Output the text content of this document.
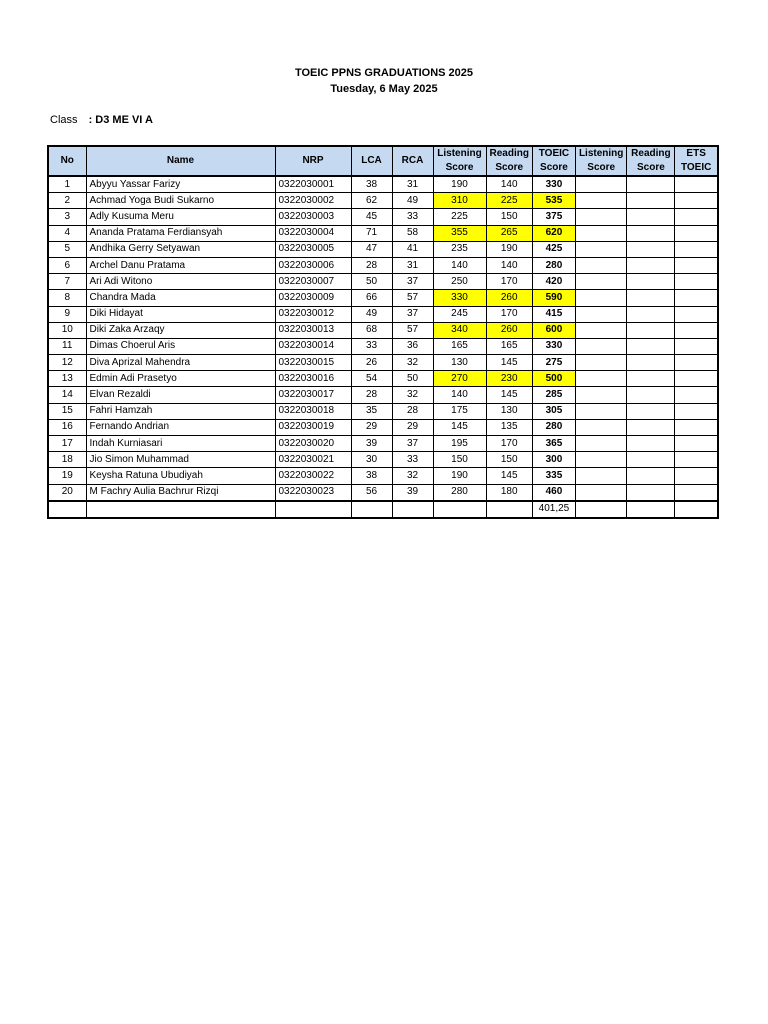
TOEIC PPNS GRADUATIONS 2025
Tuesday, 6 May 2025
Class : D3 ME VI A
No	Name	NRP	LCA	RCA	Listening	Reading	TOEIC	Listening	Reading	ETS
					Score	Score	Score	Score	Score	TOEIC
1	Abyyu Yassar Farizy	0322030001	38	31	190	140	330			
2	Achmad Yoga Budi Sukarno	0322030002	62	49	310	225	535			
3	Adly Kusuma Meru	0322030003	45	33	225	150	375			
4	Ananda Pratama Ferdiansyah	0322030004	71	58	355	265	620			
5	Andhika Gerry Setyawan	0322030005	47	41	235	190	425			
6	Archel Danu Pratama	0322030006	28	31	140	140	280			
7	Ari Adi Witono	0322030007	50	37	250	170	420			
8	Chandra Mada	0322030009	66	57	330	260	590			
9	Diki Hidayat	0322030012	49	37	245	170	415			
10	Diki Zaka Arzaqy	0322030013	68	57	340	260	600			
11	Dimas Choerul Aris	0322030014	33	36	165	165	330			
12	Diva Aprizal Mahendra	0322030015	26	32	130	145	275			
13	Edmin Adi Prasetyo	0322030016	54	50	270	230	500			
14	Elvan Rezaldi	0322030017	28	32	140	145	285			
15	Fahri Hamzah	0322030018	35	28	175	130	305			
16	Fernando Andrian	0322030019	29	29	145	135	280			
17	Indah Kurniasari	0322030020	39	37	195	170	365			
18	Jio Simon Muhammad	0322030021	30	33	150	150	300			
19	Keysha Ratuna Ubudiyah	0322030022	38	32	190	145	335			
20	M Fachry Aulia Bachrur Rizqi	0322030023	56	39	280	180	460			
							401,25			
